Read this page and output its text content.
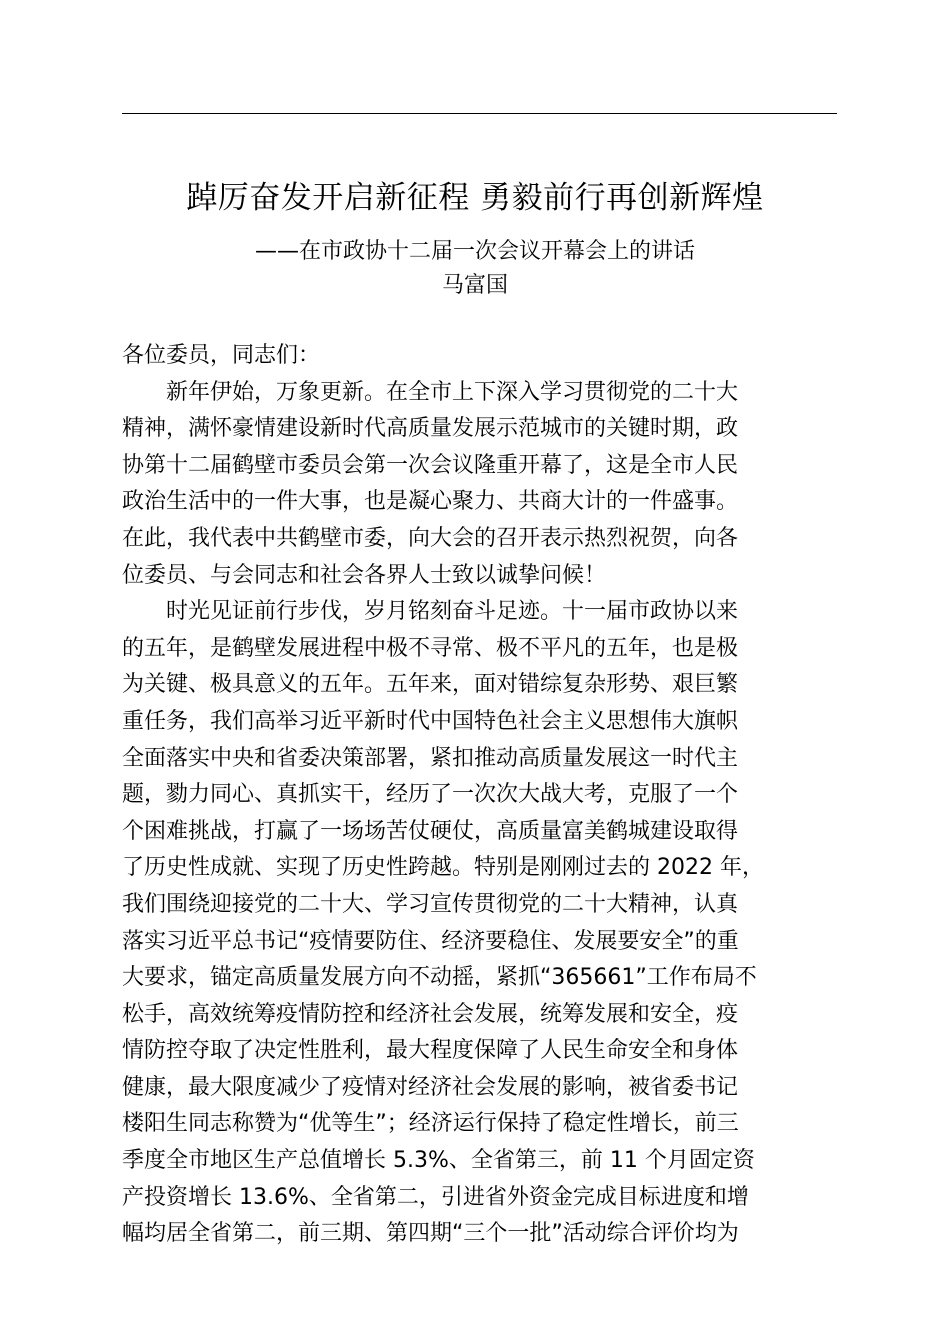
踔厉奋发开启新征程 勇毅前行再创新辉煌

——在市政协十二届一次会议开幕会上的讲话

马富国

各位委员，同志们：

新年伊始，万象更新。在全市上下深入学习贯彻党的二十大
精神，满怀豪情建设新时代高质量发展示范城市的关键时期，政
协第十二届鹤壁市委员会第一次会议隆重开幕了，这是全市人民
政治生活中的一件大事，也是凝心聚力、共商大计的一件盛事。
在此，我代表中共鹤壁市委，向大会的召开表示热烈祝贺，向各
位委员、与会同志和社会各界人士致以诚挚问候！
时光见证前行步伐，岁月铭刻奋斗足迹。十一届市政协以来
的五年，是鹤壁发展进程中极不寻常、极不平凡的五年，也是极
为关键、极具意义的五年。五年来，面对错综复杂形势、艰巨繁
重任务，我们高举习近平新时代中国特色社会主义思想伟大旗帜
全面落实中央和省委决策部署，紧扣推动高质量发展这一时代主
题，勠力同心、真抓实干，经历了一次次大战大考，克服了一个
个困难挑战，打赢了一场场苦仗硬仗，高质量富美鹤城建设取得
了历史性成就、实现了历史性跨越。特别是刚刚过去的 2022 年，
我们围绕迎接党的二十大、学习宣传贯彻党的二十大精神，认真
落实习近平总书记“疫情要防住、经济要稳住、发展要安全”的重
大要求，锚定高质量发展方向不动摇，紧抓“365661”工作布局不
松手，高效统筹疫情防控和经济社会发展，统筹发展和安全，疫
情防控夺取了决定性胜利，最大程度保障了人民生命安全和身体
健康，最大限度减少了疫情对经济社会发展的影响，被省委书记
楼阳生同志称赞为“优等生”；经济运行保持了稳定性增长，前三
季度全市地区生产总值增长 5.3%、全省第三，前 11 个月固定资
产投资增长 13.6%、全省第二，引进省外资金完成目标进度和增
幅均居全省第二，前三期、第四期“三个一批”活动综合评价均为
